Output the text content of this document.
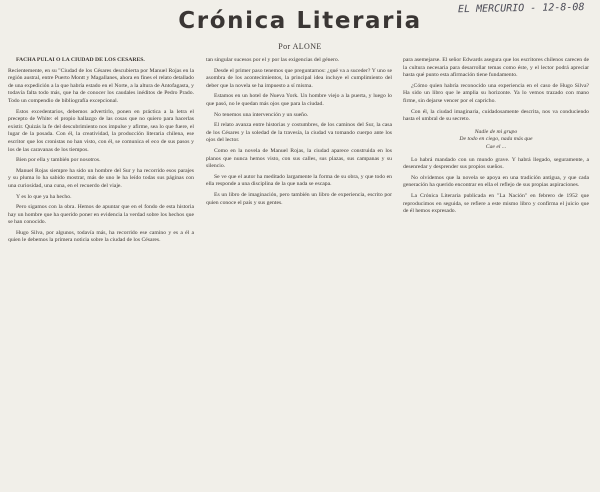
Crónica Literaria	EL MERCURIO - 12-8-08
Por ALONE

FACHA PULAI O LA CIUDAD DE LOS CESARES.

Recientemente, en su "Ciudad de los Césares descubierta por Manuel Rojas en la región austral, entre Puerto Montt y Magallanes, ahora en fines el relato detallado de una expedición a la que habría estado en el Norte, a la altura de Antofagasta, y todavía falta todo más, que ha de conocer los caudales inéditos de Pedro Prado. Todo un compendio de bibliografía excepcional.

Estos excedentarios, debemos advertirlo, ponen en práctica a la letra el precepto de White: el propio hallazgo de las cosas que no quiero para hacerlas existir. Quizás la fe del descubrimiento nos impulse y afirme, sea lo que fuere, el lugar de la posada. Con él, la creatividad, la producción literaria chilena, ese escritor que los cronistas no han visto, con él, se comunica el eco de sus pasos y los de las caravanas de los tiempos.

Bien por ella y también por nosotros.

Manuel Rojas siempre ha sido un hombre del Sur y ha recorrido esos parajes y su pluma lo ha sabido mostrar, más de uno le ha leído todas sus páginas con una curiosidad, una cuna, en el recuerdo del viaje.

Y es lo que ya ha hecho.

Pero sigamos con la obra. Hemos de apuntar que en el fondo de esta historia hay un hombre que ha querido poner en evidencia la verdad sobre los hechos que se han conocido.

Hugo Silva, por algunos, todavía más, ha recorrido ese camino y es a él a quien le debemos la primera noticia sobre la ciudad de los Césares.

tan singular sucesos por el y por las exigencias del género.

Desde el primer paso tenemos que preguntarnos: ¿qué va a suceder? Y uno se asombra de los acontecimientos, la principal idea incluye el cumplimiento del deber que la novela se ha impuesto a sí misma.

Estamos en un hotel de Nueva York. Un hombre viejo a la puerta, y luego lo que pasó, no le quedan más ojos que para la ciudad.

No tenemos una intervención y un sueño.

El relato avanza entre historias y costumbres, de los caminos del Sur, la casa de los Césares y la soledad de la travesía, la ciudad va tomando cuerpo ante los ojos del lector.

Como en la novela de Manuel Rojas, la ciudad aparece construida en los planos que nunca hemos visto, con sus calles, sus plazas, sus campanas y su silencio.

Se ve que el autor ha meditado largamente la forma de su obra, y que todo en ella responde a una disciplina de la que nada se escapa.

Es un libro de imaginación, pero también un libro de experiencia, escrito por quien conoce el país y sus gentes.

para asemejarse. El señor Edwards asegura que los escritores chilenos carecen de la cultura necesaria para desarrollar temas como éste, y el lector podrá apreciar hasta qué punto esta afirmación tiene fundamento.

¿Cómo quien habría reconocido una experiencia en el caso de Hugo Silva? Ha sido un libro que le amplia su horizonte. Ya lo vemos trazado con mano firme, sin dejarse vencer por el capricho.

Con él, la ciudad imaginaria, cuidadosamente descrita, nos va conduciendo hasta el umbral de su secreto.

Nadie de mi grupo
De todo en ciego, nada más que
Cae el ...

Lo habrá mandado con un mundo grave. Y habrá llegado, seguramente, a desenredar y desprender sus propios sueños.

No olvidemos que la novela se apoya en una tradición antigua, y que cada generación ha querido encontrar en ella el reflejo de sus propias aspiraciones.

La Crónica Literaria publicada en "La Nación" en febrero de 1952 que reproducimos en seguida, se refiere a este mismo libro y confirma el juicio que de él hemos expresado.
